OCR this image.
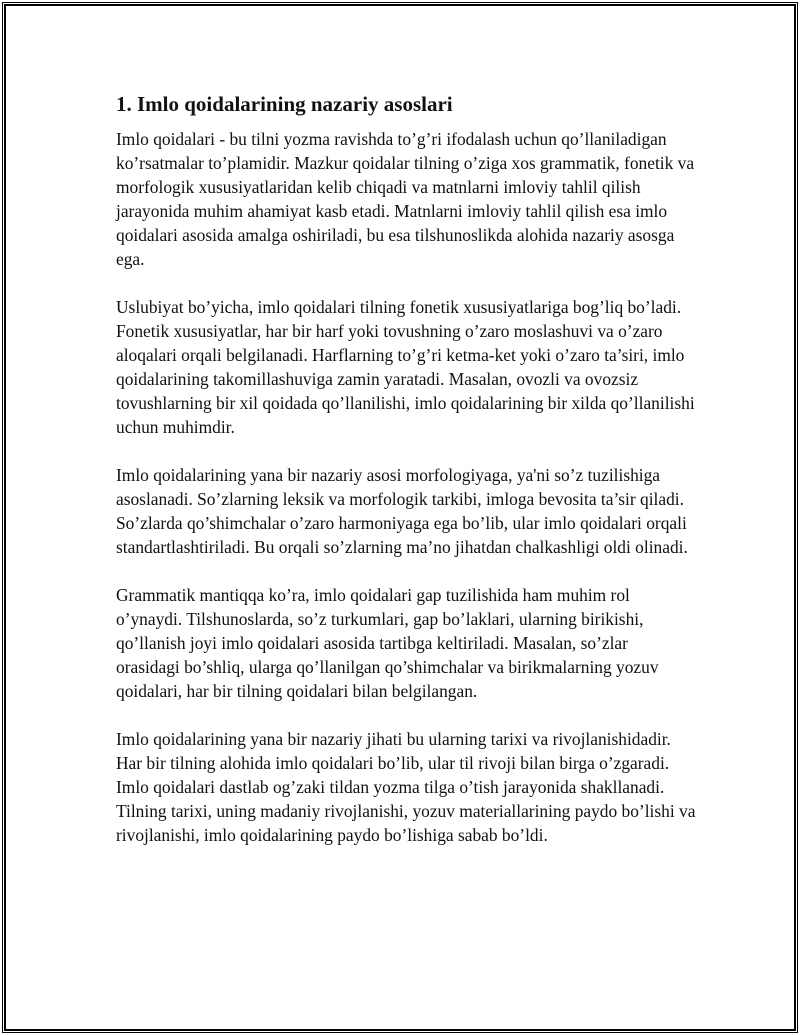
1. Imlo qoidalarining nazariy asoslari

Imlo qoidalari - bu tilni yozma ravishda to’g’ri ifodalash uchun qo’llaniladigan ko’rsatmalar to’plamidir. Mazkur qoidalar tilning o’ziga xos grammatik, fonetik va morfologik xususiyatlaridan kelib chiqadi va matnlarni imloviy tahlil qilish jarayonida muhim ahamiyat kasb etadi. Matnlarni imloviy tahlil qilish esa imlo qoidalari asosida amalga oshiriladi, bu esa tilshunoslikda alohida nazariy asosga ega.

Uslubiyat bo’yicha, imlo qoidalari tilning fonetik xususiyatlariga bog’liq bo’ladi. Fonetik xususiyatlar, har bir harf yoki tovushning o’zaro moslashuvi va o’zaro aloqalari orqali belgilanadi. Harflarning to’g’ri ketma-ket yoki o’zaro ta’siri, imlo qoidalarining takomillashuviga zamin yaratadi. Masalan, ovozli va ovozsiz tovushlarning bir xil qoidada qo’llanilishi, imlo qoidalarining bir xilda qo’llanilishi uchun muhimdir.

Imlo qoidalarining yana bir nazariy asosi morfologiyaga, ya'ni so’z tuzilishiga asoslanadi. So’zlarning leksik va morfologik tarkibi, imloga bevosita ta’sir qiladi. So’zlarda qo’shimchalar o’zaro harmoniyaga ega bo’lib, ular imlo qoidalari orqali standartlashtiriladi. Bu orqali so’zlarning ma’no jihatdan chalkashligi oldi olinadi.

Grammatik mantiqqa ko’ra, imlo qoidalari gap tuzilishida ham muhim rol o’ynaydi. Tilshunoslarda, so’z turkumlari, gap bo’laklari, ularning birikishi, qo’llanish joyi imlo qoidalari asosida tartibga keltiriladi. Masalan, so’zlar orasidagi bo’shliq, ularga qo’llanilgan qo’shimchalar va birikmalarning yozuv qoidalari, har bir tilning qoidalari bilan belgilangan.

Imlo qoidalarining yana bir nazariy jihati bu ularning tarixi va rivojlanishidadir. Har bir tilning alohida imlo qoidalari bo’lib, ular til rivoji bilan birga o’zgaradi. Imlo qoidalari dastlab og’zaki tildan yozma tilga o’tish jarayonida shakllanadi. Tilning tarixi, uning madaniy rivojlanishi, yozuv materiallarining paydo bo’lishi va rivojlanishi, imlo qoidalarining paydo bo’lishiga sabab bo’ldi.
